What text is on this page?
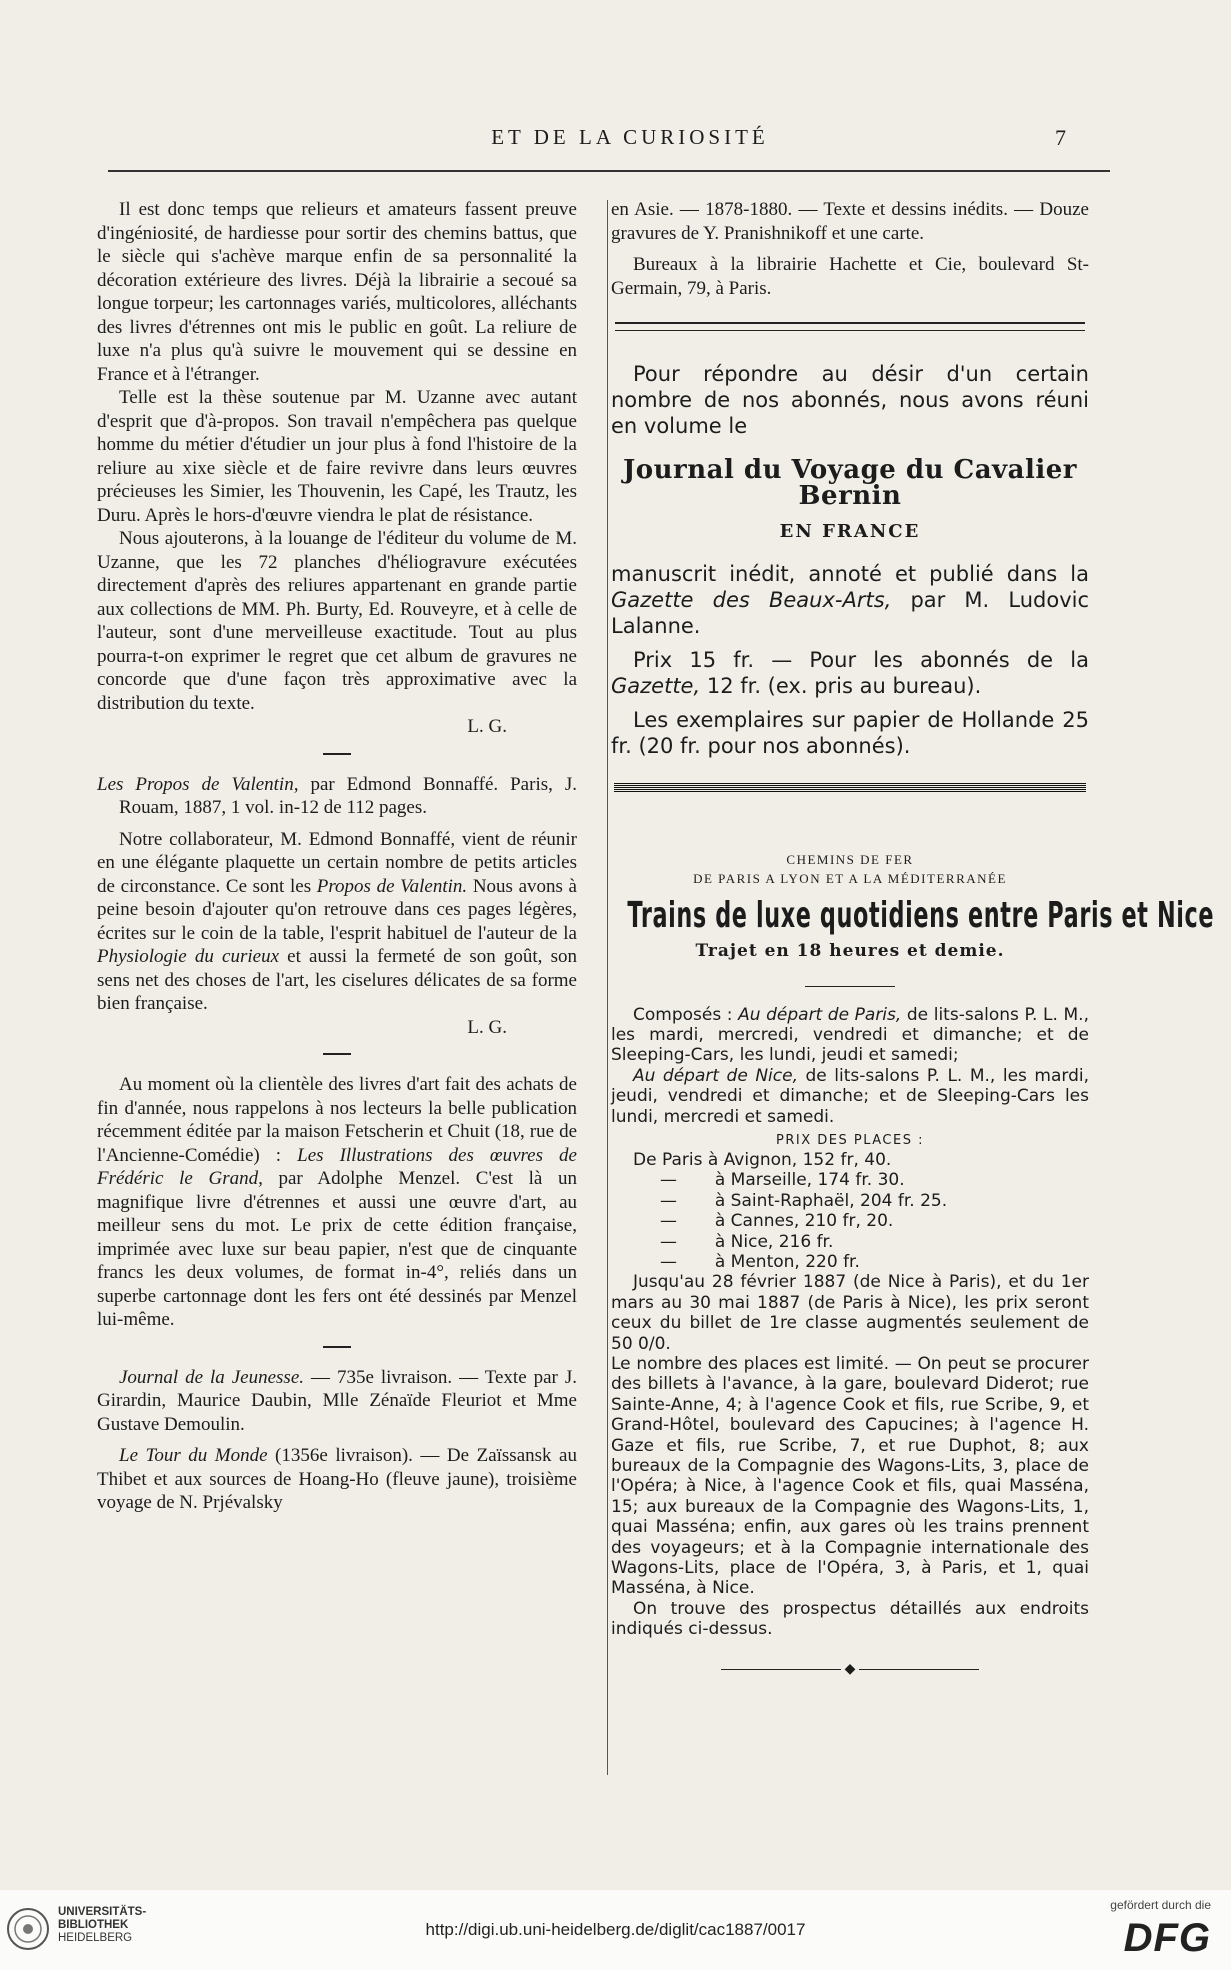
ET DE LA CURIOSITÉ	7

Il est donc temps que relieurs et amateurs fassent preuve d'ingéniosité, de hardiesse pour sortir des chemins battus, que le siècle qui s'achève marque enfin de sa personnalité la décoration extérieure des livres. Déjà la librairie a secoué sa longue torpeur; les cartonnages variés, multicolores, alléchants des livres d'étrennes ont mis le public en goût. La reliure de luxe n'a plus qu'à suivre le mouvement qui se dessine en France et à l'étranger.

Telle est la thèse soutenue par M. Uzanne avec autant d'esprit que d'à-propos. Son travail n'empêchera pas quelque homme du métier d'étudier un jour plus à fond l'histoire de la reliure au xixe siècle et de faire revivre dans leurs œuvres précieuses les Simier, les Thouvenin, les Capé, les Trautz, les Duru. Après le hors-d'œuvre viendra le plat de résistance.

Nous ajouterons, à la louange de l'éditeur du volume de M. Uzanne, que les 72 planches d'héliogravure exécutées directement d'après des reliures appartenant en grande partie aux collections de MM. Ph. Burty, Ed. Rouveyre, et à celle de l'auteur, sont d'une merveilleuse exactitude. Tout au plus pourra-t-on exprimer le regret que cet album de gravures ne concorde que d'une façon très approximative avec la distribution du texte.

L. G.

Les Propos de Valentin, par Edmond Bonnaffé. Paris, J. Rouam, 1887, 1 vol. in-12 de 112 pages.

Notre collaborateur, M. Edmond Bonnaffé, vient de réunir en une élégante plaquette un certain nombre de petits articles de circonstance. Ce sont les Propos de Valentin. Nous avons à peine besoin d'ajouter qu'on retrouve dans ces pages légères, écrites sur le coin de la table, l'esprit habituel de l'auteur de la Physiologie du curieux et aussi la fermeté de son goût, son sens net des choses de l'art, les ciselures délicates de sa forme bien française.

L. G.

Au moment où la clientèle des livres d'art fait des achats de fin d'année, nous rappelons à nos lecteurs la belle publication récemment éditée par la maison Fetscherin et Chuit (18, rue de l'Ancienne-Comédie) : Les Illustrations des œuvres de Frédéric le Grand, par Adolphe Menzel. C'est là un magnifique livre d'étrennes et aussi une œuvre d'art, au meilleur sens du mot. Le prix de cette édition française, imprimée avec luxe sur beau papier, n'est que de cinquante francs les deux volumes, de format in-4°, reliés dans un superbe cartonnage dont les fers ont été dessinés par Menzel lui-même.

Journal de la Jeunesse. — 735e livraison. — Texte par J. Girardin, Maurice Daubin, Mlle Zénaïde Fleuriot et Mme Gustave Demoulin.

Le Tour du Monde (1356e livraison). — De Zaïssansk au Thibet et aux sources de Hoang-Ho (fleuve jaune), troisième voyage de N. Prjévalsky

en Asie. — 1878-1880. — Texte et dessins inédits. — Douze gravures de Y. Pranishnikoff et une carte.

Bureaux à la librairie Hachette et Cie, boulevard St-Germain, 79, à Paris.

Pour répondre au désir d'un certain nombre de nos abonnés, nous avons réuni en volume le

Journal du Voyage du Cavalier Bernin
EN FRANCE

manuscrit inédit, annoté et publié dans la Gazette des Beaux-Arts, par M. Ludovic Lalanne.

Prix 15 fr. — Pour les abonnés de la Gazette, 12 fr. (ex. pris au bureau).

Les exemplaires sur papier de Hollande 25 fr. (20 fr. pour nos abonnés).

CHEMINS DE FER
DE PARIS A LYON ET A LA MÉDITERRANÉE
Trains de luxe quotidiens entre Paris et Nice
Trajet en 18 heures et demie.

Composés : Au départ de Paris, de lits-salons P. L. M., les mardi, mercredi, vendredi et dimanche; et de Sleeping-Cars, les lundi, jeudi et samedi;

Au départ de Nice, de lits-salons P. L. M., les mardi, jeudi, vendredi et dimanche; et de Sleeping-Cars les lundi, mercredi et samedi.

PRIX DES PLACES :

De Paris à Avignon, 152 fr, 40.

—       à Marseille, 174 fr. 30.

—       à Saint-Raphaël, 204 fr. 25.

—       à Cannes, 210 fr, 20.

—       à Nice, 216 fr.

—       à Menton, 220 fr.

Jusqu'au 28 février 1887 (de Nice à Paris), et du 1er mars au 30 mai 1887 (de Paris à Nice), les prix seront ceux du billet de 1re classe augmentés seulement de 50 0/0.

Le nombre des places est limité. — On peut se procurer des billets à l'avance, à la gare, boulevard Diderot; rue Sainte-Anne, 4; à l'agence Cook et fils, rue Scribe, 9, et Grand-Hôtel, boulevard des Capucines; à l'agence H. Gaze et fils, rue Scribe, 7, et rue Duphot, 8; aux bureaux de la Compagnie des Wagons-Lits, 3, place de l'Opéra; à Nice, à l'agence Cook et fils, quai Masséna, 15; aux bureaux de la Compagnie des Wagons-Lits, 1, quai Masséna; enfin, aux gares où les trains prennent des voyageurs; et à la Compagnie internationale des Wagons-Lits, place de l'Opéra, 3, à Paris, et 1, quai Masséna, à Nice.

On trouve des prospectus détaillés aux endroits indiqués ci-dessus.

◆
UNIVERSITÄTS-
BIBLIOTHEK
HEIDELBERG	http://digi.ub.uni-heidelberg.de/diglit/cac1887/0017
gefördert durch die
DFG
